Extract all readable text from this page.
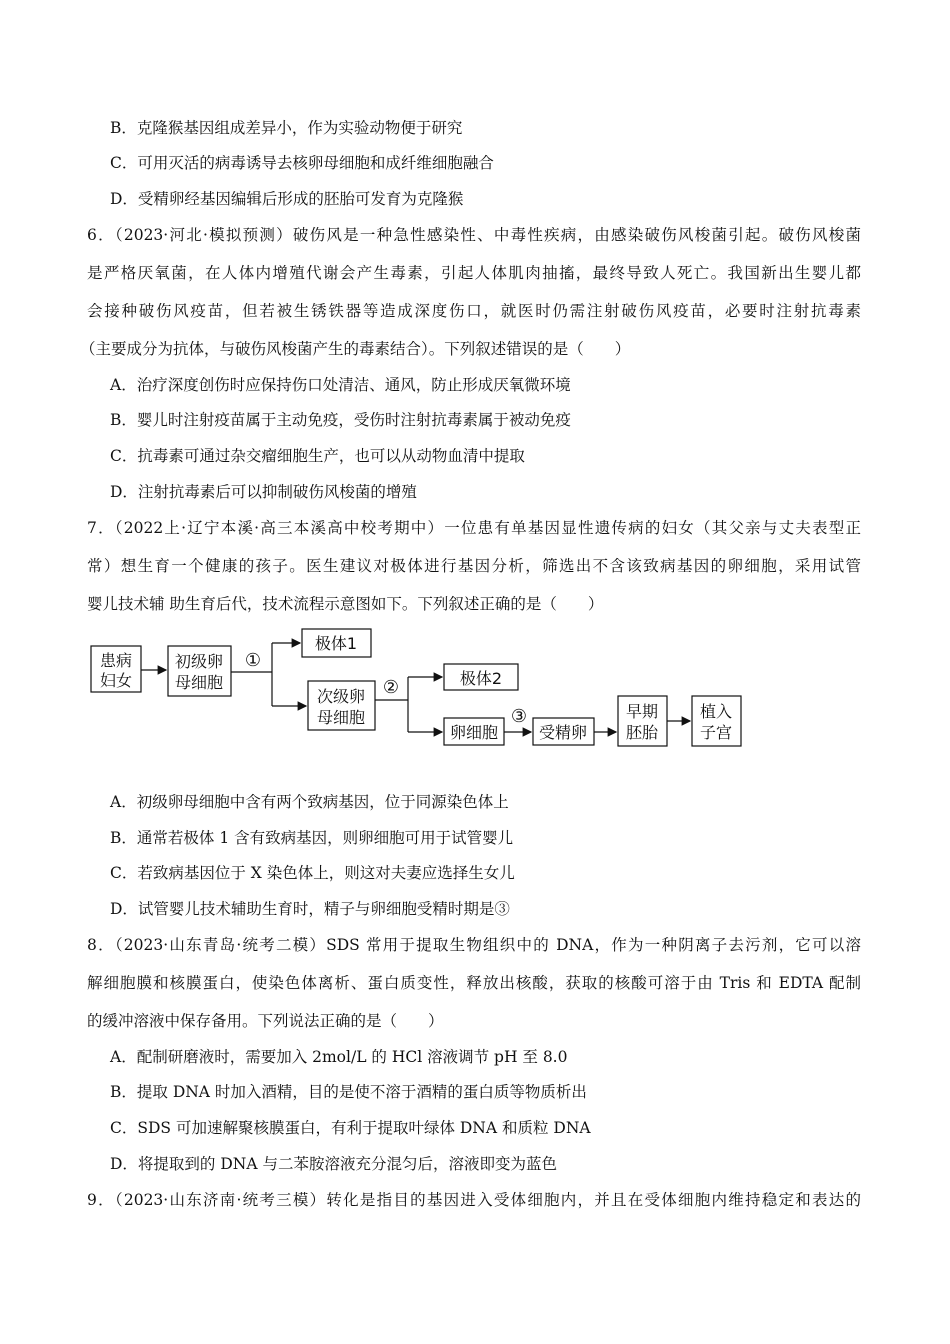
B．克隆猴基因组成差异小，作为实验动物便于研究
C．可用灭活的病毒诱导去核卵母细胞和成纤维细胞融合
D．受精卵经基因编辑后形成的胚胎可发育为克隆猴
6．（2023·河北·模拟预测）破伤风是一种急性感染性、中毒性疾病，由感染破伤风梭菌引起。破伤风梭菌
是严格厌氧菌，在人体内增殖代谢会产生毒素，引起人体肌肉抽搐，最终导致人死亡。我国新出生婴儿都
会接种破伤风疫苗，但若被生锈铁器等造成深度伤口，就医时仍需注射破伤风疫苗，必要时注射抗毒素
（主要成分为抗体，与破伤风梭菌产生的毒素结合）。下列叙述错误的是（　　）
A．治疗深度创伤时应保持伤口处清洁、通风，防止形成厌氧微环境
B．婴儿时注射疫苗属于主动免疫，受伤时注射抗毒素属于被动免疫
C．抗毒素可通过杂交瘤细胞生产，也可以从动物血清中提取
D．注射抗毒素后可以抑制破伤风梭菌的增殖
7．（2022上·辽宁本溪·高三本溪高中校考期中）一位患有单基因显性遗传病的妇女（其父亲与丈夫表型正
常）想生育一个健康的孩子。医生建议对极体进行基因分析，筛选出不含该致病基因的卵细胞，采用试管
婴儿技术辅 助生育后代，技术流程示意图如下。下列叙述正确的是（　　）
患病
妇女
初级卵
母细胞
①
极体1
次级卵
母细胞
②	极体2
卵细胞
③
受精卵
早期
胚胎
植入
子宫
A．初级卵母细胞中含有两个致病基因，位于同源染色体上
B．通常若极体 1 含有致病基因，则卵细胞可用于试管婴儿
C．若致病基因位于 X 染色体上，则这对夫妻应选择生女儿
D．试管婴儿技术辅助生育时，精子与卵细胞受精时期是③
8．（2023·山东青岛·统考二模）SDS 常用于提取生物组织中的 DNA，作为一种阴离子去污剂，它可以溶
解细胞膜和核膜蛋白，使染色体离析、蛋白质变性，释放出核酸，获取的核酸可溶于由 Tris 和 EDTA 配制
的缓冲溶液中保存备用。下列说法正确的是（　　）
A．配制研磨液时，需要加入 2mol/L 的 HCl 溶液调节 pH 至 8.0
B．提取 DNA 时加入酒精，目的是使不溶于酒精的蛋白质等物质析出
C．SDS 可加速解聚核膜蛋白，有利于提取叶绿体 DNA 和质粒 DNA
D．将提取到的 DNA 与二苯胺溶液充分混匀后，溶液即变为蓝色
9．（2023·山东济南·统考三模）转化是指目的基因进入受体细胞内，并且在受体细胞内维持稳定和表达的
